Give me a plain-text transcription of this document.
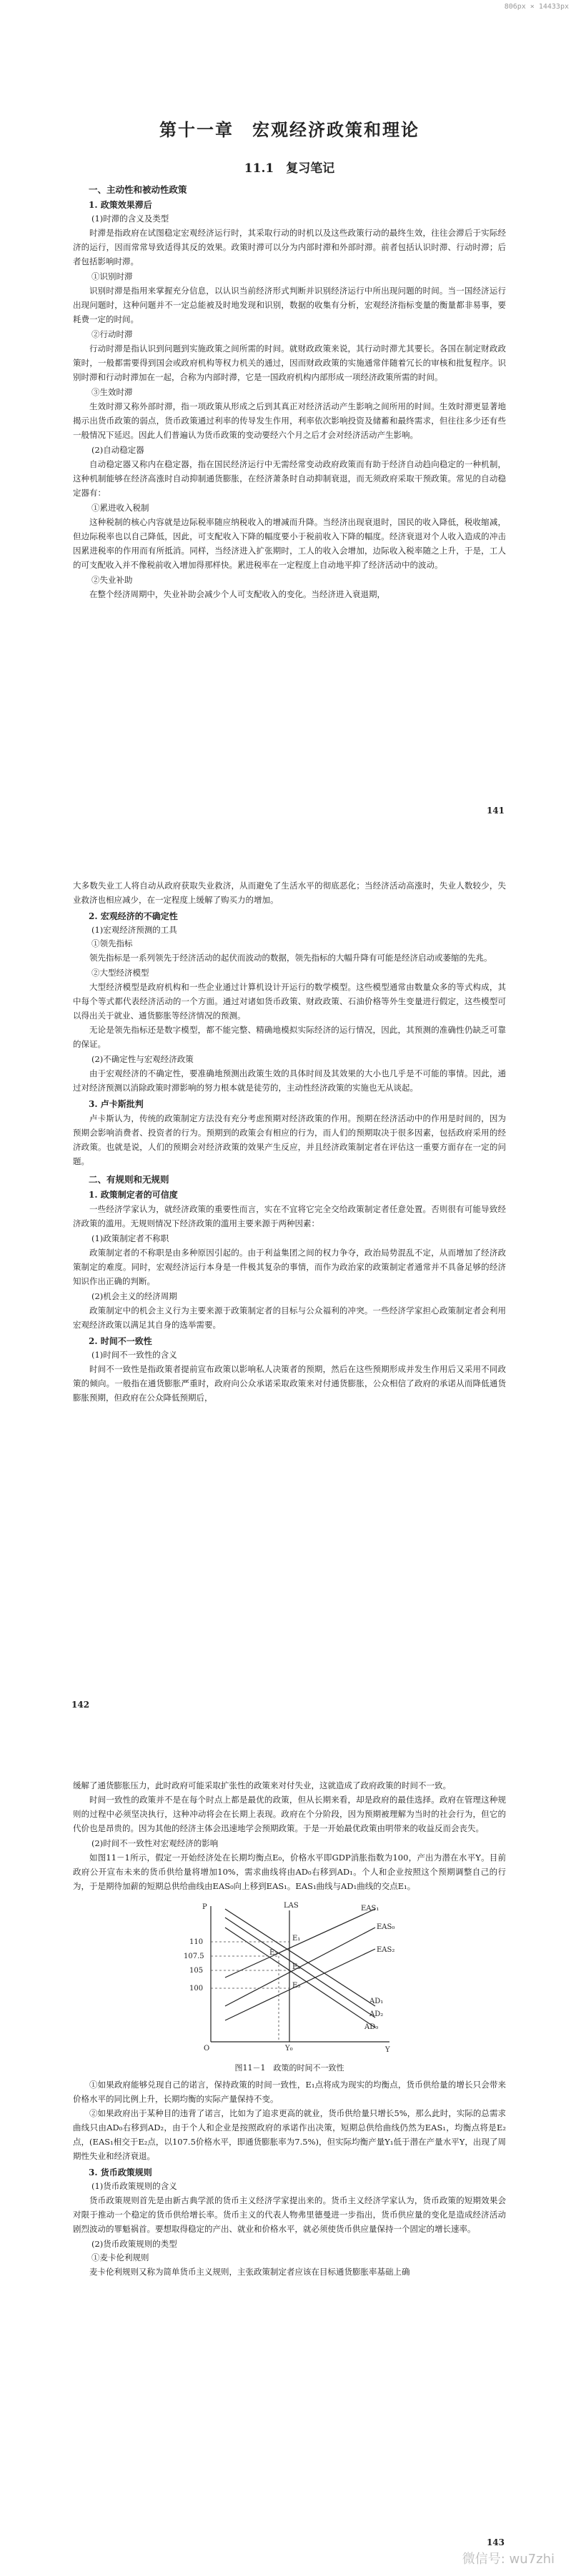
806px × 14433px
第十一章　宏观经济政策和理论
11.1　复习笔记
一、主动性和被动性政策
1. 政策效果滞后
(1)时滞的含义及类型

时滞是指政府在试图稳定宏观经济运行时，其采取行动的时机以及这些政策行动的最终生效，往往会滞后于实际经济的运行，因而常常导致适得其反的效果。政策时滞可以分为内部时滞和外部时滞。前者包括认识时滞、行动时滞；后者包括影响时滞。

①识别时滞

识别时滞是指用来掌握充分信息，以认识当前经济形式判断并识别经济运行中所出现问题的时间。当一国经济运行出现问题时，这种问题并不一定总能被及时地发现和识别，数据的收集有分析，宏观经济指标变量的衡量都非易事，要耗费一定的时间。

②行动时滞

行动时滞是指认识到问题到实施政策之间所需的时间。就财政政策来说，其行动时滞尤其要长。各国在制定财政政策时，一般都需要得到国会或政府机构等权力机关的通过，因而财政政策的实施通常伴随着冗长的审核和批复程序。识别时滞和行动时滞加在一起，合称为内部时滞，它是一国政府机构内部形成一项经济政策所需的时间。

③生效时滞

生效时滞又称外部时滞，指一项政策从形成之后到其真正对经济活动产生影响之间所用的时间。生效时滞更显著地揭示出货币政策的弱点，货币政策通过利率的传导发生作用，利率依次影响投资及储蓄和最终需求，但往往多少还有些一般情况下延迟。因此人们普遍认为货币政策的变动要经六个月之后才会对经济活动产生影响。

(2)自动稳定器

自动稳定器又称内在稳定器，指在国民经济运行中无需经常变动政府政策而有助于经济自动趋向稳定的一种机制，这种机制能够在经济高涨时自动抑制通货膨胀，在经济萧条时自动抑制衰退，而无须政府采取干预政策。常见的自动稳定器有：

①累进收入税制

这种税制的核心内容就是边际税率随应纳税收入的增减而升降。当经济出现衰退时，国民的收入降低，税收缩减，但边际税率也以自己降低，因此，可支配收入下降的幅度要小于税前收入下降的幅度。经济衰退对个人收入造成的冲击因累进税率的作用而有所抵消。同样，当经济进入扩张期时，工人的收入会增加，边际收入税率随之上升，于是，工人的可支配收入并不像税前收入增加得那样快。累进税率在一定程度上自动地平抑了经济活动中的波动。

②失业补助

在整个经济周期中，失业补助会减少个人可支配收入的变化。当经济进入衰退期，

141

大多数失业工人将自动从政府获取失业救济，从而避免了生活水平的彻底恶化；当经济活动高涨时，失业人数较少，失业救济也相应减少，在一定程度上缓解了购买力的增加。

2. 宏观经济的不确定性
(1)宏观经济预测的工具
①领先指标

领先指标是一系列领先于经济活动的起伏而波动的数据，领先指标的大幅升降有可能是经济启动或萎缩的先兆。

②大型经济模型

大型经济模型是政府机构和一些企业通过计算机设计开运行的数学模型。这些模型通常由数量众多的等式构成，其中每个等式都代表经济活动的一个方面。通过对诸如货币政策、财政政策、石油价格等外生变量进行假定，这些模型可以得出关于就业、通货膨胀等经济情况的预测。

无论是领先指标还是数字模型，都不能完整、精确地模拟实际经济的运行情况，因此，其预测的准确性仍缺乏可靠的保证。

(2)不确定性与宏观经济政策

由于宏观经济的不确定性，要准确地预测出政策生效的具体时间及其效果的大小也几乎是不可能的事情。因此，通过对经济预测以消除政策时滞影响的努力根本就是徒劳的，主动性经济政策的实施也无从谈起。

3. 卢卡斯批判

卢卡斯认为，传统的政策制定方法没有充分考虑预期对经济政策的作用。预期在经济活动中的作用是时间的，因为预期会影响消费者、投资者的行为。预期到的政策会有相应的行为，而人们的预期取决于很多因素，包括政府采用的经济政策。也就是说，人们的预期会对经济政策的效果产生反应，并且经济政策制定者在评估这一重要方面存在一定的问题。

二、有规则和无规则
1. 政策制定者的可信度

一些经济学家认为，就经济政策的重要性而言，实在不宜将它完全交给政策制定者任意处置。否则很有可能导致经济政策的滥用。无规则情况下经济政策的滥用主要来源于两种因素：

(1)政策制定者不称职

政策制定者的不称职是由多种原因引起的。由于利益集团之间的权力争夺，政治局势混乱不定，从而增加了经济政策制定的难度。同时，宏观经济运行本身是一件极其复杂的事情，而作为政治家的政策制定者通常并不具备足够的经济知识作出正确的判断。

(2)机会主义的经济周期

政策制定中的机会主义行为主要来源于政策制定者的目标与公众福利的冲突。一些经济学家担心政策制定者会利用宏观经济政策以满足其自身的选举需要。

2. 时间不一致性
(1)时间不一致性的含义

时间不一致性是指政策者提前宣布政策以影响私人决策者的预期，然后在这些预期形成并发生作用后又采用不同政策的倾向。一般指在通货膨胀严重时，政府向公众承诺采取政策来对付通货膨胀，公众相信了政府的承诺从而降低通货膨胀预期，但政府在公众降低预期后，

142

缓解了通货膨胀压力，此时政府可能采取扩张性的政策来对付失业，这就造成了政府政策的时间不一致。

时间一致性的政策并不是在每个时点上都是最优的政策，但从长期来看，却是政府的最佳选择。政府在管理这种规则的过程中必须坚决执行，这种冲动将会在长期上表现。政府在个分阶段，因为预期被理解为当时的社会行为，但它的代价也是昂贵的。因为其他的经济主体会迅速地学会预期政策。于是一开始最优政策由明带来的收益反而会丧失。

(2)时间不一致性对宏观经济的影响

如图11－1所示，假定一开始经济处在长期均衡点E₀，价格水平即GDP消胀指数为100，产出为潜在水平Y。目前政府公开宣布未来的货币供给量将增加10%，需求曲线将由AD₀右移到AD₁。个人和企业按照这个预期调整自己的行为，于是期待加薪的短期总供给曲线由EAS₀向上移到EAS₁。EAS₁曲线与AD₁曲线的交点E₁。

P
Y
LAS
EAS₀
EAS₁
EAS₂
AD₀
AD₁
AD₂
E₀
E₁
E₂
E₃
110
107.5
105
100
O	Y₀
图11－1　政策的时间不一致性

①如果政府能够兑现自己的诺言，保持政策的时间一致性，E₁点将成为现实的均衡点，货币供给量的增长只会带来价格水平的同比例上升，长期均衡的实际产量保持不变。

②如果政府出于某种目的违背了诺言，比如为了追求更高的就业，货币供给量只增长5%，那么此时，实际的总需求曲线只由AD₀右移到AD₂，由于个人和企业是按照政府的承诺作出决策，短期总供给曲线仍然为EAS₁，均衡点将是E₂点，(EAS₁相交于E₂点，以107.5价格水平，即通货膨胀率为7.5%)，但实际均衡产量Y₁低于潜在产量水平Y，出现了周期性失业和经济衰退。

3. 货币政策规则
(1)货币政策规则的含义

货币政策规则首先是由新古典学派的货币主义经济学家提出来的。货币主义经济学家认为，货币政策的短期效果会对限于推动一个稳定的货币供给增长率。货币主义的代表人物弗里德曼进一步指出，货币供应量的变化是造成经济活动剧烈波动的罪魁祸首。要想取得稳定的产出、就业和价格水平，就必须使货币供应量保持一个固定的增长速率。

(2)货币政策规则的类型
①麦卡伦利规则

麦卡伦利规则又称为简单货币主义规则，主张政策制定者应该在目标通货膨胀率基础上确

143
微信号: wu7zhi
